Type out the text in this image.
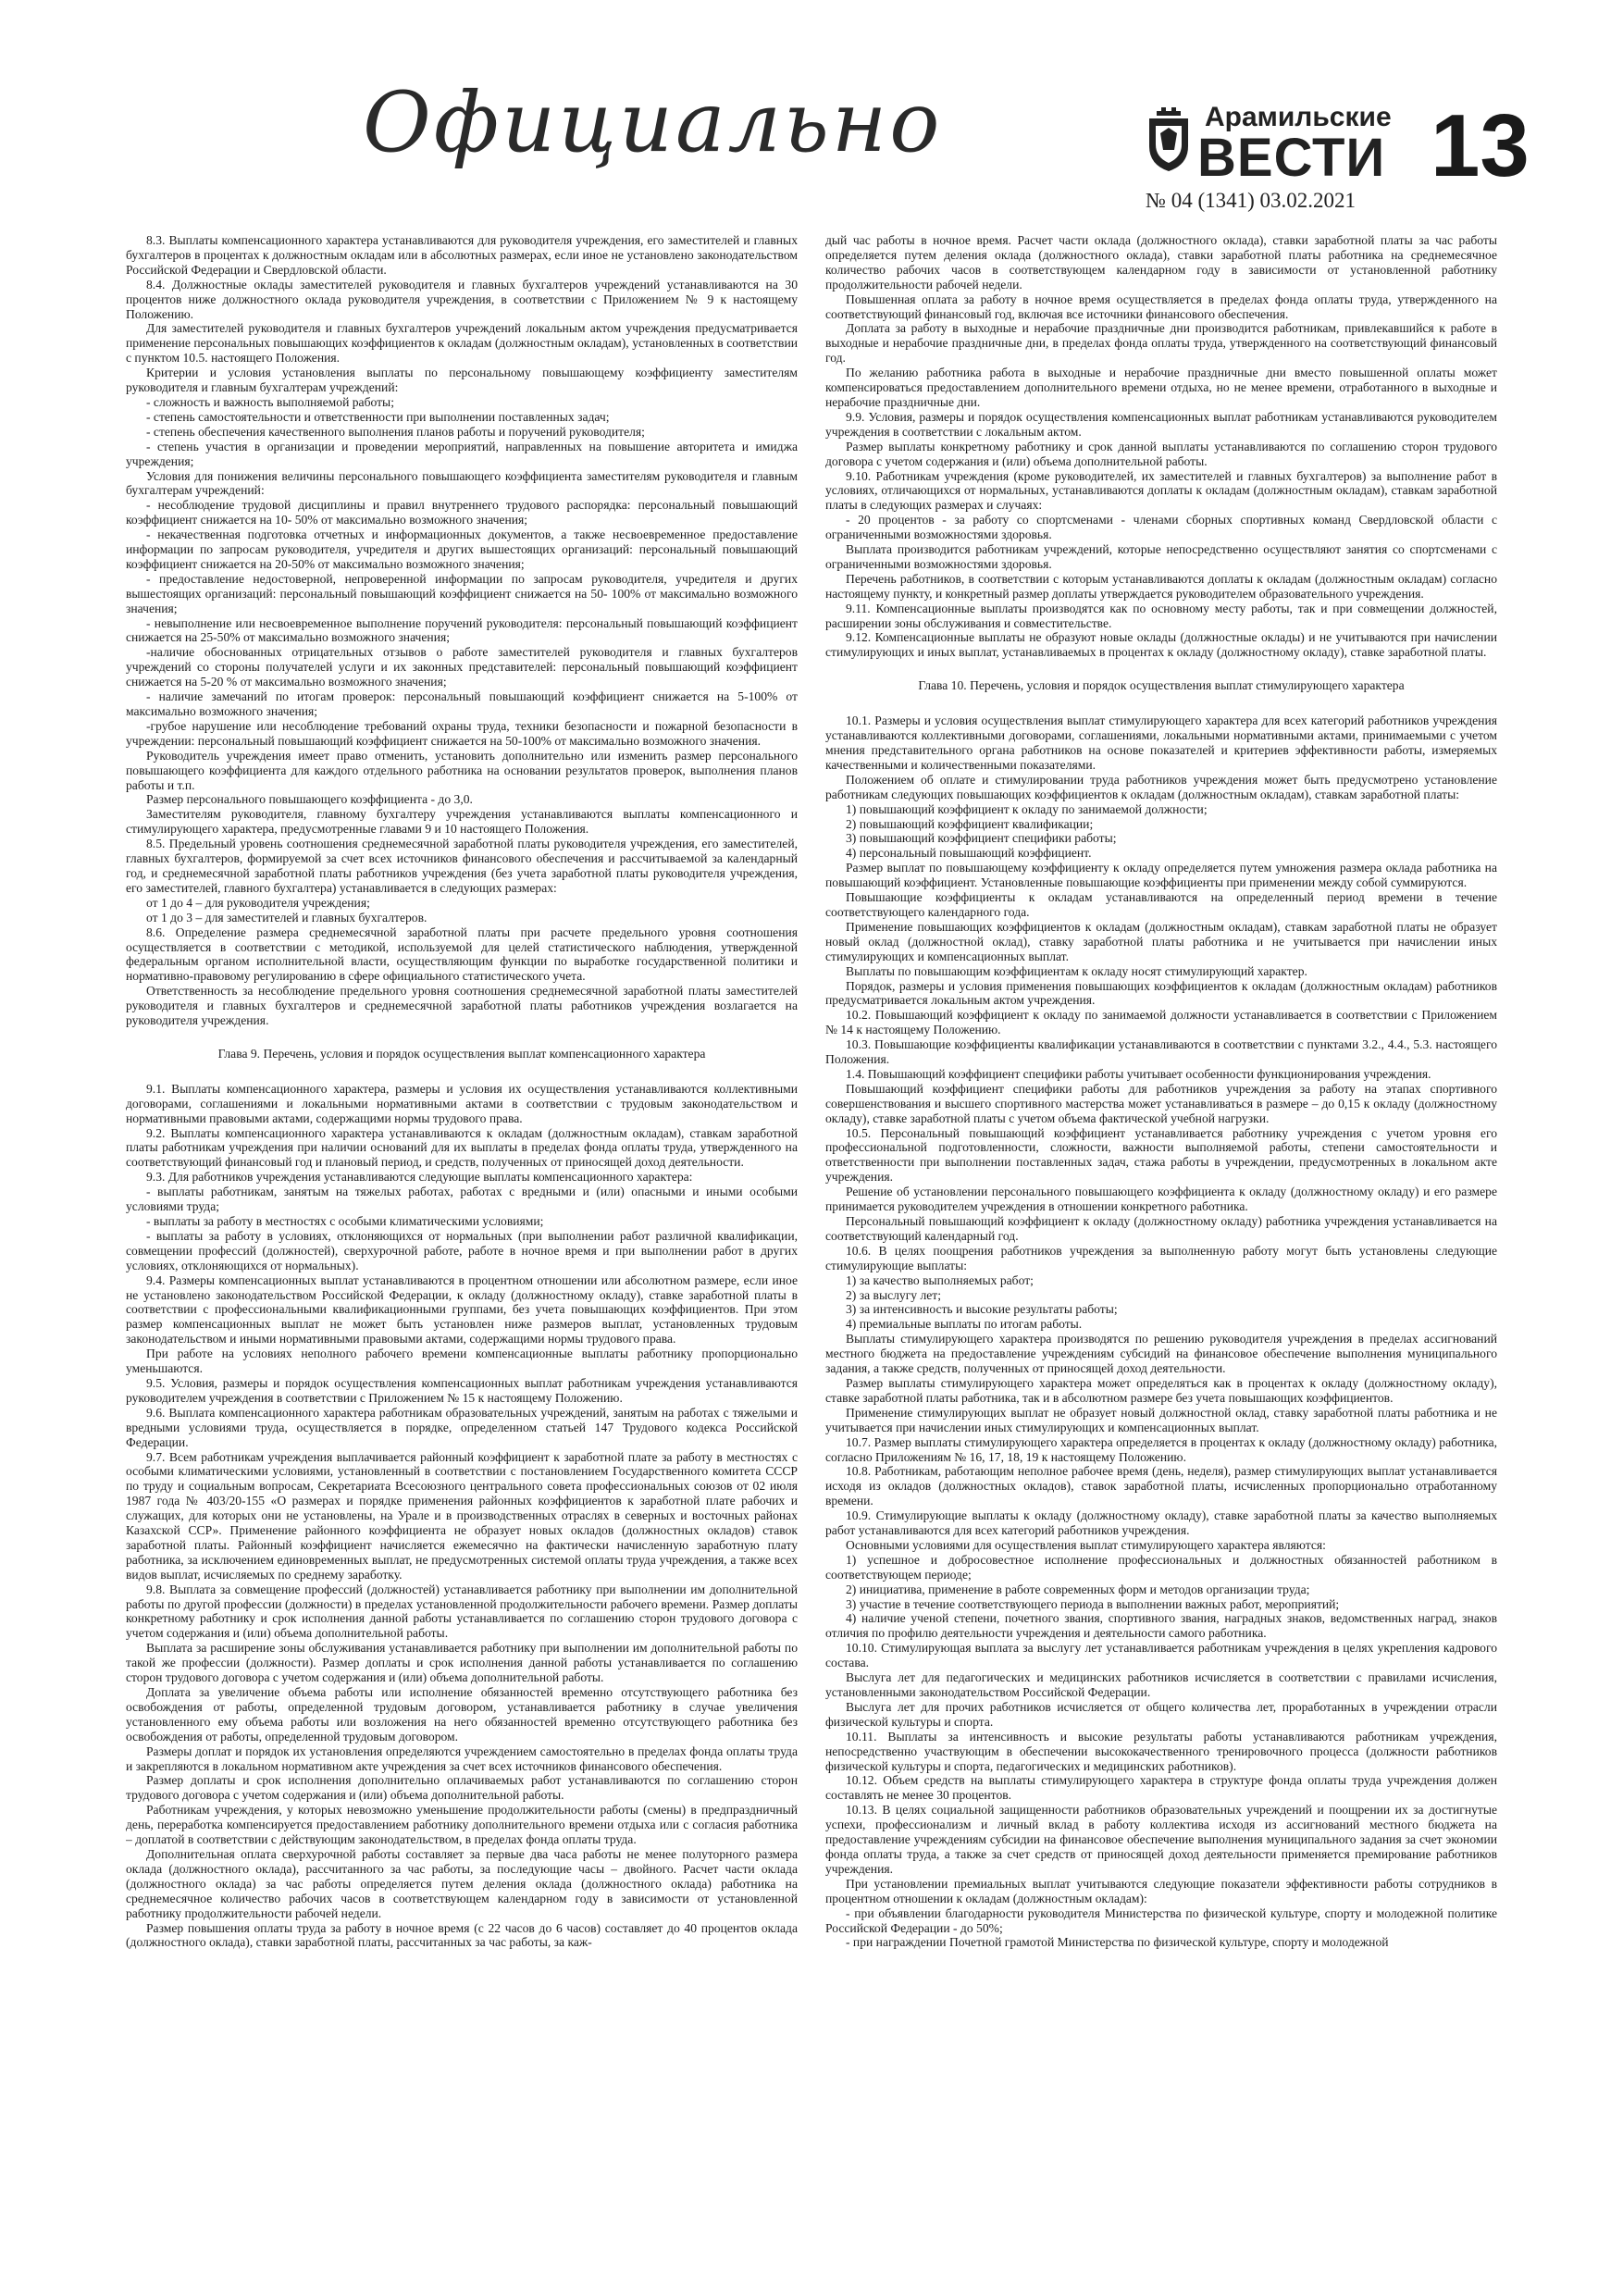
Официально	Арамильские
ВЕСТИ
№ 04 (1341) 03.02.2021
13

8.3. Выплаты компенсационного характера устанавливаются для руководителя учреждения, его заместителей и главных бухгалтеров в процентах к должностным окладам или в абсолютных размерах, если иное не установлено законодательством Российской Федерации и Свердловской области.

8.4. Должностные оклады заместителей руководителя и главных бухгалтеров учреждений устанавливаются на 30 процентов ниже должностного оклада руководителя учреждения, в соответствии с Приложением № 9 к настоящему Положению.

Для заместителей руководителя и главных бухгалтеров учреждений локальным актом учреждения предусматривается применение персональных повышающих коэффициентов к окладам (должностным окладам), установленных в соответствии с пунктом 10.5. настоящего Положения.

Критерии и условия установления выплаты по персональному повышающему коэффициенту заместителям руководителя и главным бухгалтерам учреждений:

- сложность и важность выполняемой работы;

- степень самостоятельности и ответственности при выполнении поставленных задач;

- степень обеспечения качественного выполнения планов работы и поручений руководителя;

- степень участия в организации и проведении мероприятий, направленных на повышение авторитета и имиджа учреждения;

Условия для понижения величины персонального повышающего коэффициента заместителям руководителя и главным бухгалтерам учреждений:

- несоблюдение трудовой дисциплины и правил внутреннего трудового распорядка: персональный повышающий коэффициент снижается на 10- 50% от максимально возможного значения;

- некачественная подготовка отчетных и информационных документов, а также несвоевременное предоставление информации по запросам руководителя, учредителя и других вышестоящих организаций: персональный повышающий коэффициент снижается на 20-50% от максимально возможного значения;

- предоставление недостоверной, непроверенной информации по запросам руководителя, учредителя и других вышестоящих организаций: персональный повышающий коэффициент снижается на 50- 100% от максимально возможного значения;

- невыполнение или несвоевременное выполнение поручений руководителя: персональный повышающий коэффициент снижается на 25-50% от максимально возможного значения;

-наличие обоснованных отрицательных отзывов о работе заместителей руководителя и главных бухгалтеров учреждений со стороны получателей услуги и их законных представителей: персональный повышающий коэффициент снижается на 5-20 % от максимально возможного значения;

- наличие замечаний по итогам проверок: персональный повышающий коэффициент снижается на 5-100% от максимально возможного значения;

-грубое нарушение или несоблюдение требований охраны труда, техники безопасности и пожарной безопасности в учреждении: персональный повышающий коэффициент снижается на 50-100% от максимально возможного значения.

Руководитель учреждения имеет право отменить, установить дополнительно или изменить размер персонального повышающего коэффициента для каждого отдельного работника на основании результатов проверок, выполнения планов работы и т.п.

Размер персонального повышающего коэффициента - до 3,0.

Заместителям руководителя, главному бухгалтеру учреждения устанавливаются выплаты компенсационного и стимулирующего характера, предусмотренные главами 9 и 10 настоящего Положения.

8.5. Предельный уровень соотношения среднемесячной заработной платы руководителя учреждения, его заместителей, главных бухгалтеров, формируемой за счет всех источников финансового обеспечения и рассчитываемой за календарный год, и среднемесячной заработной платы работников учреждения (без учета заработной платы руководителя учреждения, его заместителей, главного бухгалтера) устанавливается в следующих размерах:

от 1 до 4 – для руководителя учреждения;

от 1 до 3 – для заместителей и главных бухгалтеров.

8.6. Определение размера среднемесячной заработной платы при расчете предельного уровня соотношения осуществляется в соответствии с методикой, используемой для целей статистического наблюдения, утвержденной федеральным органом исполнительной власти, осуществляющим функции по выработке государственной политики и нормативно-правовому регулированию в сфере официального статистического учета.

Ответственность за несоблюдение предельного уровня соотношения среднемесячной заработной платы заместителей руководителя и главных бухгалтеров и среднемесячной заработной платы работников учреждения возлагается на руководителя учреждения.

Глава 9. Перечень, условия и порядок осуществления выплат компенсационного характера

9.1. Выплаты компенсационного характера, размеры и условия их осуществления устанавливаются коллективными договорами, соглашениями и локальными нормативными актами в соответствии с трудовым законодательством и нормативными правовыми актами, содержащими нормы трудового права.

9.2. Выплаты компенсационного характера устанавливаются к окладам (должностным окладам), ставкам заработной платы работникам учреждения при наличии оснований для их выплаты в пределах фонда оплаты труда, утвержденного на соответствующий финансовый год и плановый период, и средств, полученных от приносящей доход деятельности.

9.3. Для работников учреждения устанавливаются следующие выплаты компенсационного характера:

- выплаты работникам, занятым на тяжелых работах, работах с вредными и (или) опасными и иными особыми условиями труда;

- выплаты за работу в местностях с особыми климатическими условиями;

- выплаты за работу в условиях, отклоняющихся от нормальных (при выполнении работ различной квалификации, совмещении профессий (должностей), сверхурочной работе, работе в ночное время и при выполнении работ в других условиях, отклоняющихся от нормальных).

9.4. Размеры компенсационных выплат устанавливаются в процентном отношении или абсолютном размере, если иное не установлено законодательством Российской Федерации, к окладу (должностному окладу), ставке заработной платы в соответствии с профессиональными квалификационными группами, без учета повышающих коэффициентов. При этом размер компенсационных выплат не может быть установлен ниже размеров выплат, установленных трудовым законодательством и иными нормативными правовыми актами, содержащими нормы трудового права.

При работе на условиях неполного рабочего времени компенсационные выплаты работнику пропорционально уменьшаются.

9.5. Условия, размеры и порядок осуществления компенсационных выплат работникам учреждения устанавливаются руководителем учреждения в соответствии с Приложением № 15 к настоящему Положению.

9.6. Выплата компенсационного характера работникам образовательных учреждений, занятым на работах с тяжелыми и вредными условиями труда, осуществляется в порядке, определенном статьей 147 Трудового кодекса Российской Федерации.

9.7. Всем работникам учреждения выплачивается районный коэффициент к заработной плате за работу в местностях с особыми климатическими условиями, установленный в соответствии с постановлением Государственного комитета СССР по труду и социальным вопросам, Секретариата Всесоюзного центрального совета профессиональных союзов от 02 июля 1987 года № 403/20-155 «О размерах и порядке применения районных коэффициентов к заработной плате рабочих и служащих, для которых они не установлены, на Урале и в производственных отраслях в северных и восточных районах Казахской ССР». Применение районного коэффициента не образует новых окладов (должностных окладов) ставок заработной платы. Районный коэффициент начисляется ежемесячно на фактически начисленную заработную плату работника, за исключением единовременных выплат, не предусмотренных системой оплаты труда учреждения, а также всех видов выплат, исчисляемых по среднему заработку.

9.8. Выплата за совмещение профессий (должностей) устанавливается работнику при выполнении им дополнительной работы по другой профессии (должности) в пределах установленной продолжительности рабочего времени. Размер доплаты конкретному работнику и срок исполнения данной работы устанавливается по соглашению сторон трудового договора с учетом содержания и (или) объема дополнительной работы.

Выплата за расширение зоны обслуживания устанавливается работнику при выполнении им дополнительной работы по такой же профессии (должности). Размер доплаты и срок исполнения данной работы устанавливается по соглашению сторон трудового договора с учетом содержания и (или) объема дополнительной работы.

Доплата за увеличение объема работы или исполнение обязанностей временно отсутствующего работника без освобождения от работы, определенной трудовым договором, устанавливается работнику в случае увеличения установленного ему объема работы или возложения на него обязанностей временно отсутствующего работника без освобождения от работы, определенной трудовым договором.

Размеры доплат и порядок их установления определяются учреждением самостоятельно в пределах фонда оплаты труда и закрепляются в локальном нормативном акте учреждения за счет всех источников финансового обеспечения.

Размер доплаты и срок исполнения дополнительно оплачиваемых работ устанавливаются по соглашению сторон трудового договора с учетом содержания и (или) объема дополнительной работы.

Работникам учреждения, у которых невозможно уменьшение продолжительности работы (смены) в предпраздничный день, переработка компенсируется предоставлением работнику дополнительного времени отдыха или с согласия работника – доплатой в соответствии с действующим законодательством, в пределах фонда оплаты труда.

Дополнительная оплата сверхурочной работы составляет за первые два часа работы не менее полуторного размера оклада (должностного оклада), рассчитанного за час работы, за последующие часы – двойного. Расчет части оклада (должностного оклада) за час работы определяется путем деления оклада (должностного оклада) работника на среднемесячное количество рабочих часов в соответствующем календарном году в зависимости от установленной работнику продолжительности рабочей недели.

Размер повышения оплаты труда за работу в ночное время (с 22 часов до 6 часов) составляет до 40 процентов оклада (должностного оклада), ставки заработной платы, рассчитанных за час работы, за каж-

дый час работы в ночное время. Расчет части оклада (должностного оклада), ставки заработной платы за час работы определяется путем деления оклада (должностного оклада), ставки заработной платы работника на среднемесячное количество рабочих часов в соответствующем календарном году в зависимости от установленной работнику продолжительности рабочей недели.

Повышенная оплата за работу в ночное время осуществляется в пределах фонда оплаты труда, утвержденного на соответствующий финансовый год, включая все источники финансового обеспечения.

Доплата за работу в выходные и нерабочие праздничные дни производится работникам, привлекавшийся к работе в выходные и нерабочие праздничные дни, в пределах фонда оплаты труда, утвержденного на соответствующий финансовый год.

По желанию работника работа в выходные и нерабочие праздничные дни вместо повышенной оплаты может компенсироваться предоставлением дополнительного времени отдыха, но не менее времени, отработанного в выходные и нерабочие праздничные дни.

9.9. Условия, размеры и порядок осуществления компенсационных выплат работникам устанавливаются руководителем учреждения в соответствии с локальным актом.

Размер выплаты конкретному работнику и срок данной выплаты устанавливаются по соглашению сторон трудового договора с учетом содержания и (или) объема дополнительной работы.

9.10. Работникам учреждения (кроме руководителей, их заместителей и главных бухгалтеров) за выполнение работ в условиях, отличающихся от нормальных, устанавливаются доплаты к окладам (должностным окладам), ставкам заработной платы в следующих размерах и случаях:

- 20 процентов - за работу со спортсменами - членами сборных спортивных команд Свердловской области с ограниченными возможностями здоровья.

Выплата производится работникам учреждений, которые непосредственно осуществляют занятия со спортсменами с ограниченными возможностями здоровья.

Перечень работников, в соответствии с которым устанавливаются доплаты к окладам (должностным окладам) согласно настоящему пункту, и конкретный размер доплаты утверждается руководителем образовательного учреждения.

9.11. Компенсационные выплаты производятся как по основному месту работы, так и при совмещении должностей, расширении зоны обслуживания и совместительстве.

9.12. Компенсационные выплаты не образуют новые оклады (должностные оклады) и не учитываются при начислении стимулирующих и иных выплат, устанавливаемых в процентах к окладу (должностному окладу), ставке заработной платы.

Глава 10. Перечень, условия и порядок осуществления выплат стимулирующего характера

10.1. Размеры и условия осуществления выплат стимулирующего характера для всех категорий работников учреждения устанавливаются коллективными договорами, соглашениями, локальными нормативными актами, принимаемыми с учетом мнения представительного органа работников на основе показателей и критериев эффективности работы, измеряемых качественными и количественными показателями.

Положением об оплате и стимулировании труда работников учреждения может быть предусмотрено установление работникам следующих повышающих коэффициентов к окладам (должностным окладам), ставкам заработной платы:

1) повышающий коэффициент к окладу по занимаемой должности;

2) повышающий коэффициент квалификации;

3) повышающий коэффициент специфики работы;

4) персональный повышающий коэффициент.

Размер выплат по повышающему коэффициенту к окладу определяется путем умножения размера оклада работника на повышающий коэффициент. Установленные повышающие коэффициенты при применении между собой суммируются.

Повышающие коэффициенты к окладам устанавливаются на определенный период времени в течение соответствующего календарного года.

Применение повышающих коэффициентов к окладам (должностным окладам), ставкам заработной платы не образует новый оклад (должностной оклад), ставку заработной платы работника и не учитывается при начислении иных стимулирующих и компенсационных выплат.

Выплаты по повышающим коэффициентам к окладу носят стимулирующий характер.

Порядок, размеры и условия применения повышающих коэффициентов к окладам (должностным окладам) работников предусматривается локальным актом учреждения.

10.2. Повышающий коэффициент к окладу по занимаемой должности устанавливается в соответствии с Приложением № 14 к настоящему Положению.

10.3. Повышающие коэффициенты квалификации устанавливаются в соответствии с пунктами 3.2., 4.4., 5.3. настоящего Положения.

1.4. Повышающий коэффициент специфики работы учитывает особенности функционирования учреждения.

Повышающий коэффициент специфики работы для работников учреждения за работу на этапах спортивного совершенствования и высшего спортивного мастерства может устанавливаться в размере – до 0,15 к окладу (должностному окладу), ставке заработной платы с учетом объема фактической учебной нагрузки.

10.5. Персональный повышающий коэффициент устанавливается работнику учреждения с учетом уровня его профессиональной подготовленности, сложности, важности выполняемой работы, степени самостоятельности и ответственности при выполнении поставленных задач, стажа работы в учреждении, предусмотренных в локальном акте учреждения.

Решение об установлении персонального повышающего коэффициента к окладу (должностному окладу) и его размере принимается руководителем учреждения в отношении конкретного работника.

Персональный повышающий коэффициент к окладу (должностному окладу) работника учреждения устанавливается на соответствующий календарный год.

10.6. В целях поощрения работников учреждения за выполненную работу могут быть установлены следующие стимулирующие выплаты:

1) за качество выполняемых работ;

2) за выслугу лет;

3) за интенсивность и высокие результаты работы;

4) премиальные выплаты по итогам работы.

Выплаты стимулирующего характера производятся по решению руководителя учреждения в пределах ассигнований местного бюджета на предоставление учреждениям субсидий на финансовое обеспечение выполнения муниципального задания, а также средств, полученных от приносящей доход деятельности.

Размер выплаты стимулирующего характера может определяться как в процентах к окладу (должностному окладу), ставке заработной платы работника, так и в абсолютном размере без учета повышающих коэффициентов.

Применение стимулирующих выплат не образует новый должностной оклад, ставку заработной платы работника и не учитывается при начислении иных стимулирующих и компенсационных выплат.

10.7. Размер выплаты стимулирующего характера определяется в процентах к окладу (должностному окладу) работника, согласно Приложениям № 16, 17, 18, 19 к настоящему Положению.

10.8. Работникам, работающим неполное рабочее время (день, неделя), размер стимулирующих выплат устанавливается исходя из окладов (должностных окладов), ставок заработной платы, исчисленных пропорционально отработанному времени.

10.9. Стимулирующие выплаты к окладу (должностному окладу), ставке заработной платы за качество выполняемых работ устанавливаются для всех категорий работников учреждения.

Основными условиями для осуществления выплат стимулирующего характера являются:

1) успешное и добросовестное исполнение профессиональных и должностных обязанностей работником в соответствующем периоде;

2) инициатива, применение в работе современных форм и методов организации труда;

3) участие в течение соответствующего периода в выполнении важных работ, мероприятий;

4) наличие ученой степени, почетного звания, спортивного звания, наградных знаков, ведомственных наград, знаков отличия по профилю деятельности учреждения и деятельности самого работника.

10.10. Стимулирующая выплата за выслугу лет устанавливается работникам учреждения в целях укрепления кадрового состава.

Выслуга лет для педагогических и медицинских работников исчисляется в соответствии с правилами исчисления, установленными законодательством Российской Федерации.

Выслуга лет для прочих работников исчисляется от общего количества лет, проработанных в учреждении отрасли физической культуры и спорта.

10.11. Выплаты за интенсивность и высокие результаты работы устанавливаются работникам учреждения, непосредственно участвующим в обеспечении высококачественного тренировочного процесса (должности работников физической культуры и спорта, педагогических и медицинских работников).

10.12. Объем средств на выплаты стимулирующего характера в структуре фонда оплаты труда учреждения должен составлять не менее 30 процентов.

10.13. В целях социальной защищенности работников образовательных учреждений и поощрении их за достигнутые успехи, профессионализм и личный вклад в работу коллектива исходя из ассигнований местного бюджета на предоставление учреждениям субсидии на финансовое обеспечение выполнения муниципального задания за счет экономии фонда оплаты труда, а также за счет средств от приносящей доход деятельности применяется премирование работников учреждения.

При установлении премиальных выплат учитываются следующие показатели эффективности работы сотрудников в процентном отношении к окладам (должностным окладам):

- при объявлении благодарности руководителя Министерства по физической культуре, спорту и молодежной политике Российской Федерации - до 50%;

- при награждении Почетной грамотой Министерства по физической культуре, спорту и молодежной
